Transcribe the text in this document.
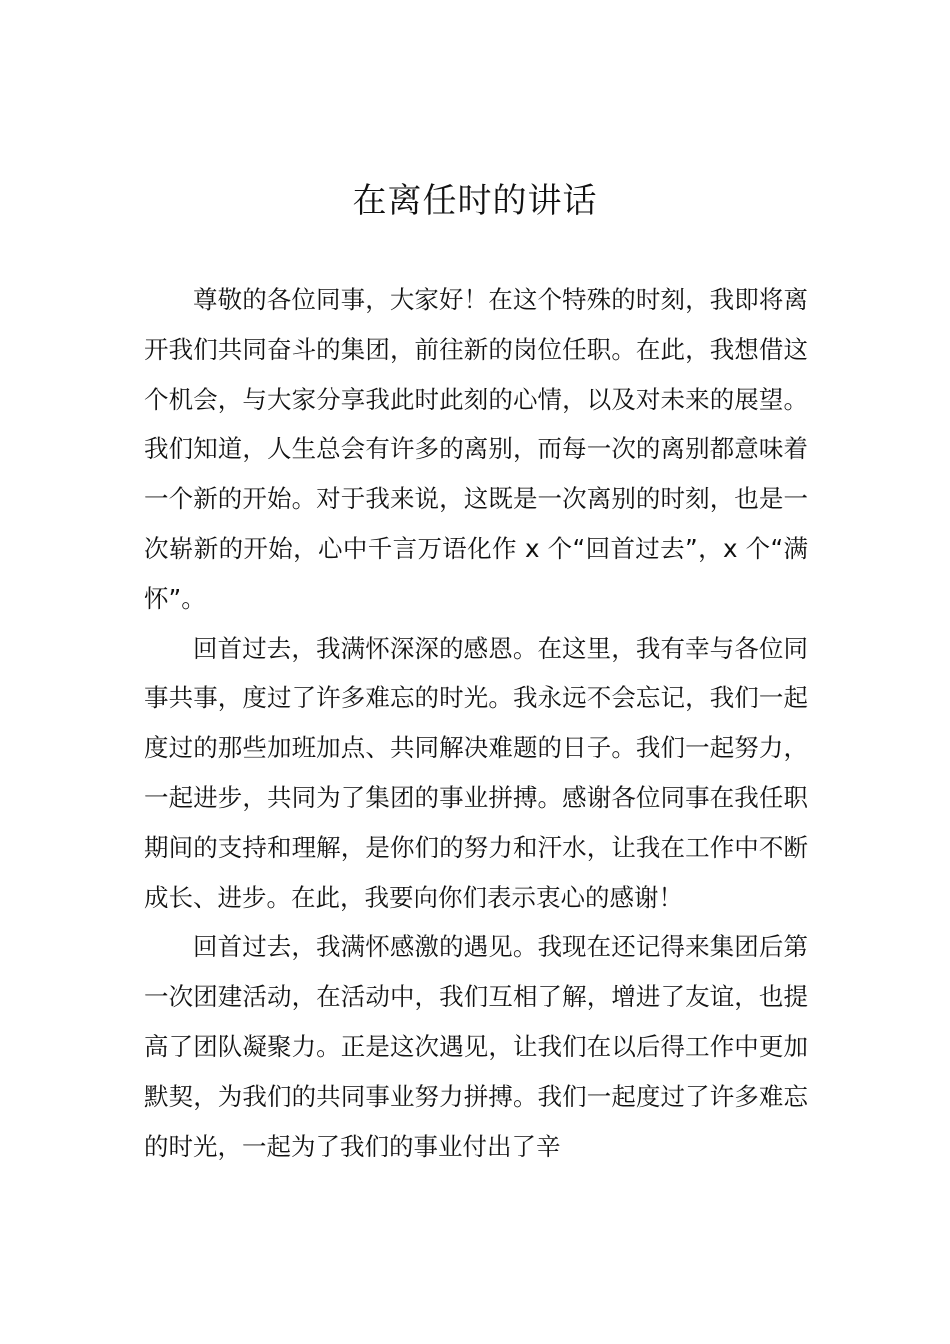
在离任时的讲话

尊敬的各位同事，大家好！在这个特殊的时刻，我即将离开我们共同奋斗的集团，前往新的岗位任职。在此，我想借这个机会，与大家分享我此时此刻的心情，以及对未来的展望。我们知道，人生总会有许多的离别，而每一次的离别都意味着一个新的开始。对于我来说，这既是一次离别的时刻，也是一次崭新的开始，心中千言万语化作 x 个“回首过去”，x 个“满怀”。

回首过去，我满怀深深的感恩。在这里，我有幸与各位同事共事，度过了许多难忘的时光。我永远不会忘记，我们一起度过的那些加班加点、共同解决难题的日子。我们一起努力，一起进步，共同为了集团的事业拼搏。感谢各位同事在我任职期间的支持和理解，是你们的努力和汗水，让我在工作中不断成长、进步。在此，我要向你们表示衷心的感谢！

回首过去，我满怀感激的遇见。我现在还记得来集团后第一次团建活动，在活动中，我们互相了解，增进了友谊，也提高了团队凝聚力。正是这次遇见，让我们在以后得工作中更加默契，为我们的共同事业努力拼搏。我们一起度过了许多难忘的时光，一起为了我们的事业付出了辛
